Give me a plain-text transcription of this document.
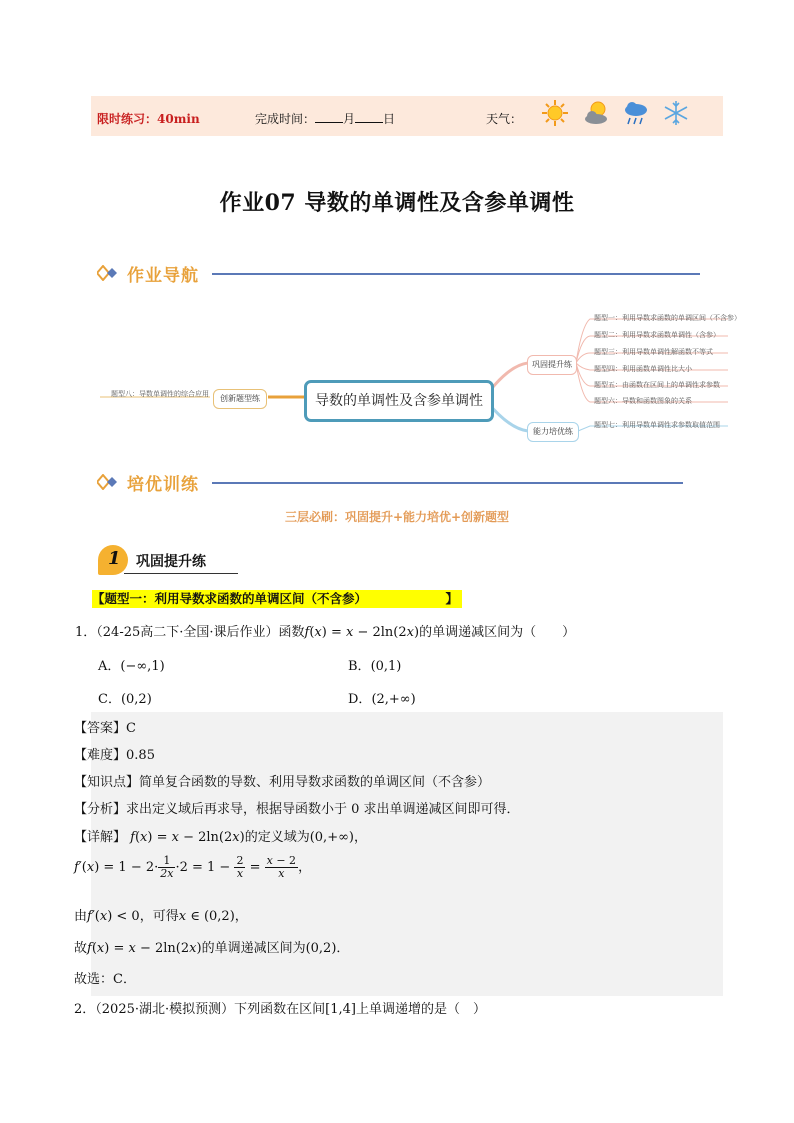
限时练习：40min	完成时间： 月 日	天气：
作业07 导数的单调性及含参单调性
作业导航
题型八：导数单调性的综合应用	创新题型练	导数的单调性及含参单调性
巩固提升练
能力培优练
题型一：利用导数求函数的单调区间（不含参）
题型二：利用导数求函数单调性（含参）
题型三：利用导数单调性解函数不等式
题型四：利用函数单调性比大小
题型五：由函数在区间上的单调性求参数
题型六：导数和函数图象的关系
题型七：利用导数单调性求参数取值范围
培优训练
三层必刷：巩固提升+能力培优+创新题型
1 巩固提升练
【题型一：利用导数求函数的单调区间（不含参）	】
1．（24-25高二下·全国·课后作业）函数f(x) = x − 2ln(2x)的单调递减区间为（　　）
A．(−∞,1)	B．(0,1)
C．(0,2)	D．(2,+∞)
【答案】C
【难度】0.85
【知识点】简单复合函数的导数、利用导数求函数的单调区间（不含参）
【分析】求出定义域后再求导，根据导函数小于 0 求出单调递减区间即可得．
【详解】 f(x) = x − 2ln(2x)的定义域为(0,+∞)，
$f'(x) = 1 - 2\cdot \frac{1}{2x} \cdot 2 = 1 - \frac{2}{x} = \frac{x - 2}{x}$ ，
由f′(x) < 0，可得x ∈ (0,2)，
故f(x) = x − 2ln(2x)的单调递减区间为(0,2)．
故选：C．
2．（2025·湖北·模拟预测）下列函数在区间[1,4]上单调递增的是（　）
